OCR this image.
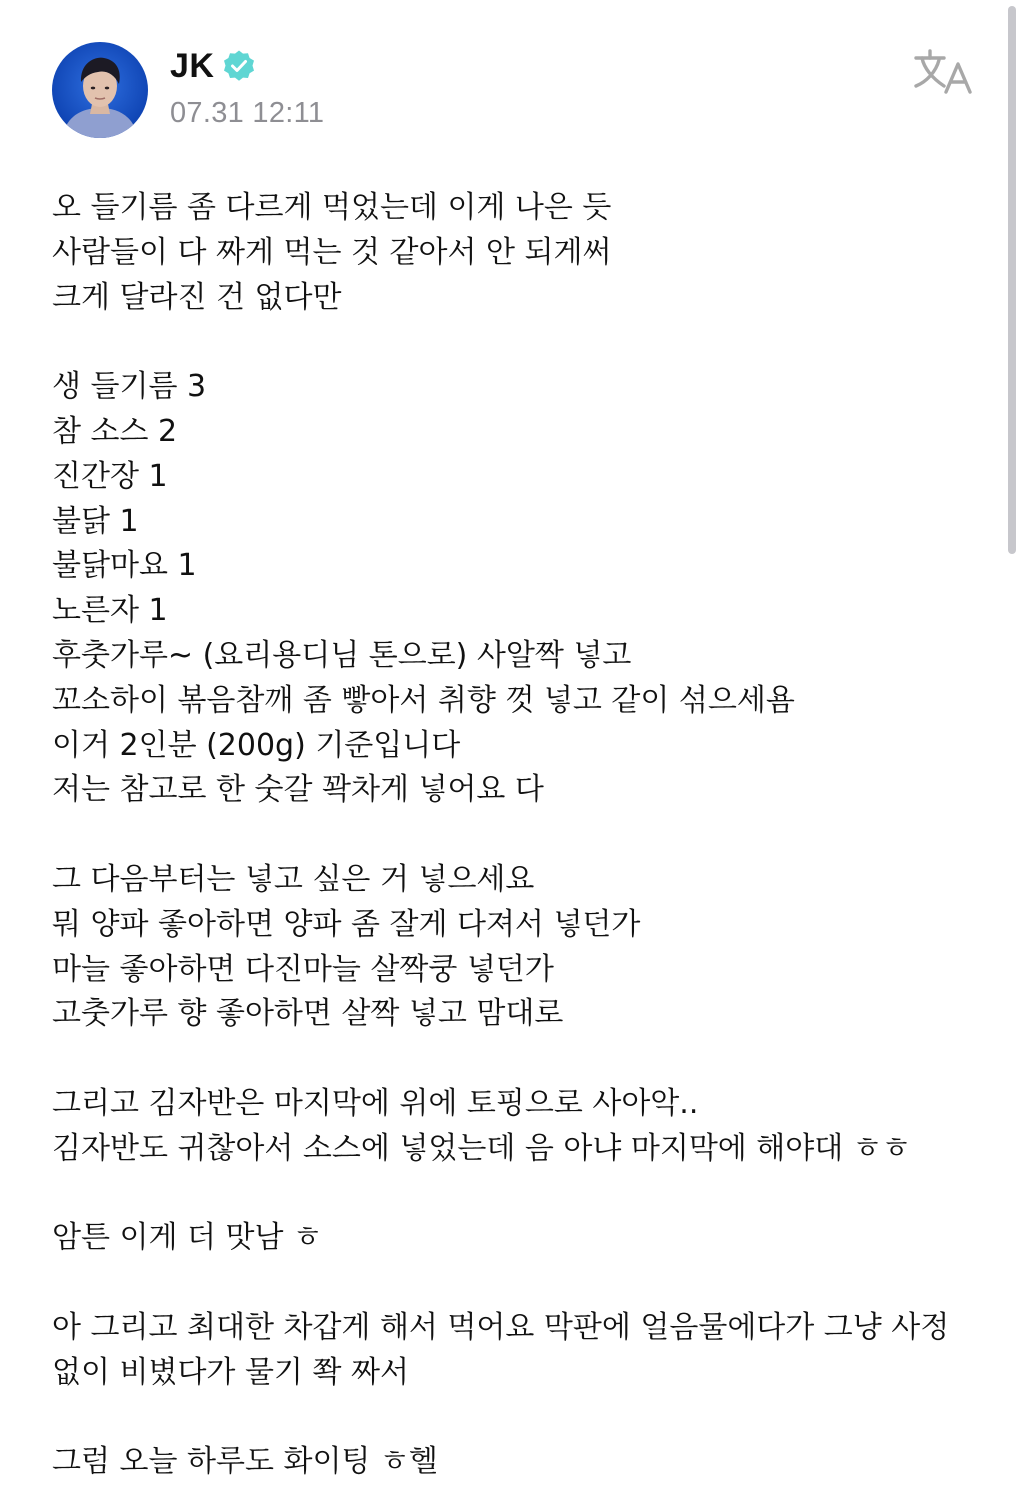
JK
07.31 12:11
오 들기름 좀 다르게 먹었는데 이게 나은 듯
사람들이 다 짜게 먹는 것 같아서 안 되게써
크게 달라진 건 없다만
생 들기름 3
참 소스 2
진간장 1
불닭 1
불닭마요 1
노른자 1
후춧가루~ (요리용디님 톤으로) 사알짝 넣고
꼬소하이 볶음참깨 좀 빻아서 취향 껏 넣고 같이 섞으세욤
이거 2인분 (200g) 기준입니다
저는 참고로 한 숫갈 꽉차게 넣어요 다
그 다음부터는 넣고 싶은 거 넣으세요
뭐 양파 좋아하면 양파 좀 잘게 다져서 넣던가
마늘 좋아하면 다진마늘 살짝쿵 넣던가
고춧가루 향 좋아하면 살짝 넣고 맘대로
그리고 김자반은 마지막에 위에 토핑으로 사아악..
김자반도 귀찮아서 소스에 넣었는데 음 아냐 마지막에 해야대 ㅎㅎ
암튼 이게 더 맛남 ㅎ
아 그리고 최대한 차갑게 해서 먹어요 막판에 얼음물에다가 그냥 사정
없이 비볐다가 물기 쫙 짜서
그럼 오늘 하루도 화이팅 ㅎ헬
